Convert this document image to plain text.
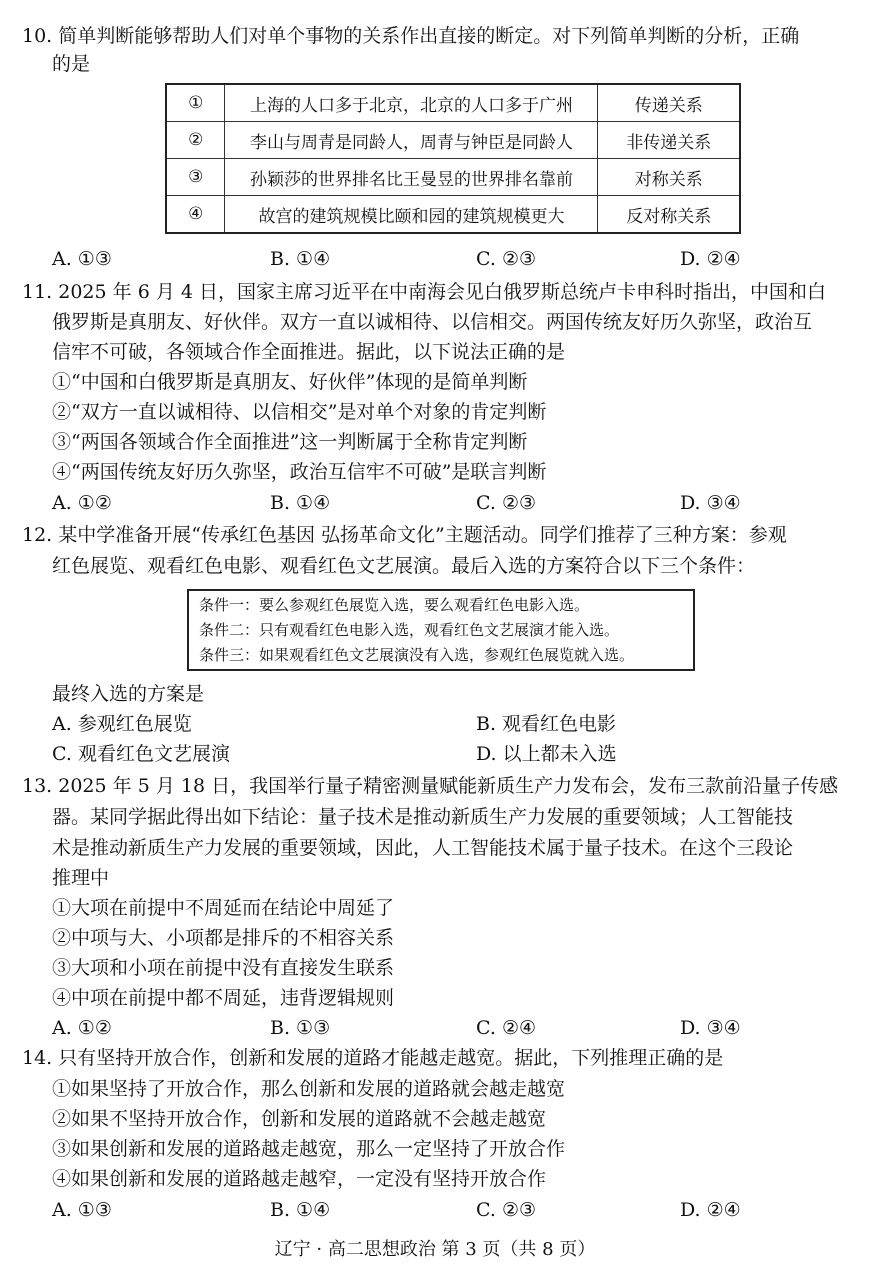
10. 简单判断能够帮助人们对单个事物的关系作出直接的断定。对下列简单判断的分析，正确
的是
①	上海的人口多于北京，北京的人口多于广州	传递关系
②	李山与周青是同龄人，周青与钟臣是同龄人	非传递关系
③	孙颖莎的世界排名比王曼昱的世界排名靠前	对称关系
④	故宫的建筑规模比颐和园的建筑规模更大	反对称关系
A. ①③	B. ①④	C. ②③	D. ②④
11. 2025 年 6 月 4 日，国家主席习近平在中南海会见白俄罗斯总统卢卡申科时指出，中国和白
俄罗斯是真朋友、好伙伴。双方一直以诚相待、以信相交。两国传统友好历久弥坚，政治互
信牢不可破，各领域合作全面推进。据此，以下说法正确的是
①“中国和白俄罗斯是真朋友、好伙伴”体现的是简单判断
②“双方一直以诚相待、以信相交”是对单个对象的肯定判断
③“两国各领域合作全面推进”这一判断属于全称肯定判断
④“两国传统友好历久弥坚，政治互信牢不可破”是联言判断
A. ①②	B. ①④	C. ②③	D. ③④
12. 某中学准备开展“传承红色基因 弘扬革命文化”主题活动。同学们推荐了三种方案：参观
红色展览、观看红色电影、观看红色文艺展演。最后入选的方案符合以下三个条件：
条件一：要么参观红色展览入选，要么观看红色电影入选。
条件二：只有观看红色电影入选，观看红色文艺展演才能入选。
条件三：如果观看红色文艺展演没有入选，参观红色展览就入选。
最终入选的方案是
A. 参观红色展览	B. 观看红色电影
C. 观看红色文艺展演	D. 以上都未入选
13. 2025 年 5 月 18 日，我国举行量子精密测量赋能新质生产力发布会，发布三款前沿量子传感
器。某同学据此得出如下结论：量子技术是推动新质生产力发展的重要领域；人工智能技
术是推动新质生产力发展的重要领域，因此，人工智能技术属于量子技术。在这个三段论
推理中
①大项在前提中不周延而在结论中周延了
②中项与大、小项都是排斥的不相容关系
③大项和小项在前提中没有直接发生联系
④中项在前提中都不周延，违背逻辑规则
A. ①②	B. ①③	C. ②④	D. ③④
14. 只有坚持开放合作，创新和发展的道路才能越走越宽。据此，下列推理正确的是
①如果坚持了开放合作，那么创新和发展的道路就会越走越宽
②如果不坚持开放合作，创新和发展的道路就不会越走越宽
③如果创新和发展的道路越走越宽，那么一定坚持了开放合作
④如果创新和发展的道路越走越窄，一定没有坚持开放合作
A. ①③	B. ①④	C. ②③	D. ②④
辽宁 · 高二思想政治 第 3 页（共 8 页）
